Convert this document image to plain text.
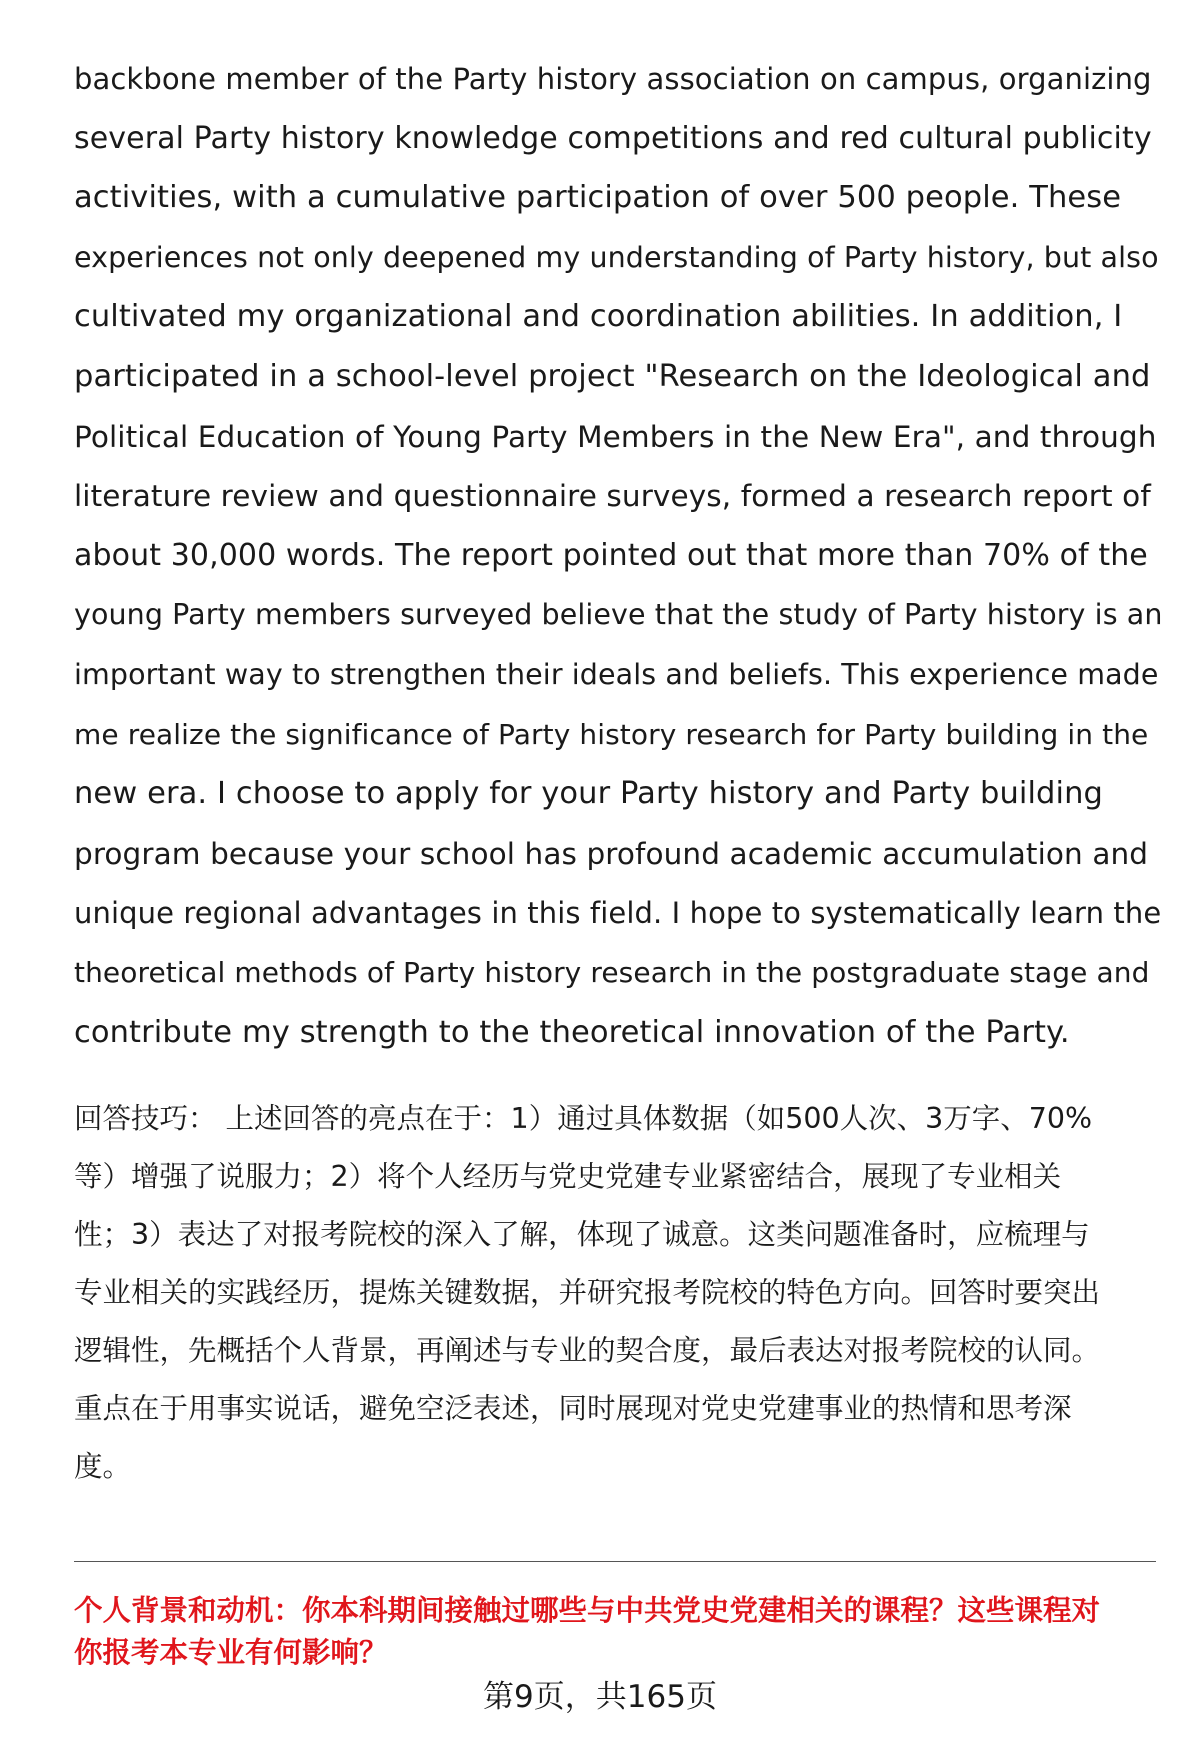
backbone member of the Party history association on campus, organizing
several Party history knowledge competitions and red cultural publicity
activities, with a cumulative participation of over 500 people. These
experiences not only deepened my understanding of Party history, but also
cultivated my organizational and coordination abilities. In addition, I
participated in a school-level project "Research on the Ideological and
Political Education of Young Party Members in the New Era", and through
literature review and questionnaire surveys, formed a research report of
about 30,000 words. The report pointed out that more than 70% of the
young Party members surveyed believe that the study of Party history is an
important way to strengthen their ideals and beliefs. This experience made
me realize the significance of Party history research for Party building in the
new era. I choose to apply for your Party history and Party building
program because your school has profound academic accumulation and
unique regional advantages in this field. I hope to systematically learn the
theoretical methods of Party history research in the postgraduate stage and
contribute my strength to the theoretical innovation of the Party.
回答技巧： 上述回答的亮点在于：1）通过具体数据（如500人次、3万字、70%
等）增强了说服力；2）将个人经历与党史党建专业紧密结合，展现了专业相关
性；3）表达了对报考院校的深入了解，体现了诚意。这类问题准备时，应梳理与
专业相关的实践经历，提炼关键数据，并研究报考院校的特色方向。回答时要突出
逻辑性，先概括个人背景，再阐述与专业的契合度，最后表达对报考院校的认同。
重点在于用事实说话，避免空泛表述，同时展现对党史党建事业的热情和思考深
度。
个人背景和动机：你本科期间接触过哪些与中共党史党建相关的课程？这些课程对
你报考本专业有何影响？
第9页，共165页
